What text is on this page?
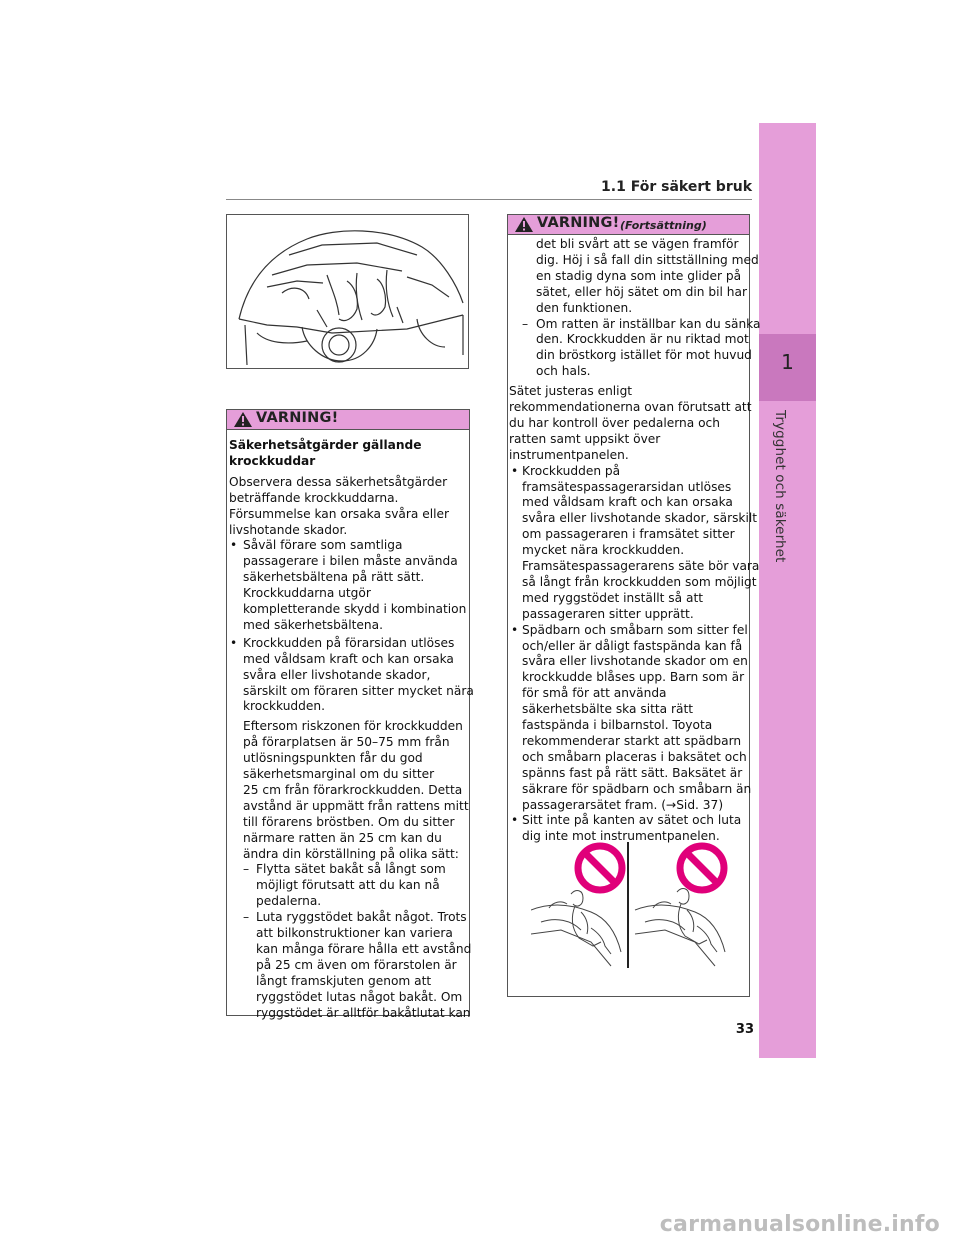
1
Trygghet och säkerhet
1.1 För säkert bruk
VARNING!
VARNING! (Fortsättning)
Säkerhetsåtgärder gällande
krockkuddar
Observera dessa säkerhetsåtgärder
beträffande krockkuddarna.
Försummelse kan orsaka svåra eller
livshotande skador.
• Såväl förare som samtliga
passagerare i bilen måste använda
säkerhetsbältena på rätt sätt.
Krockkuddarna utgör
kompletterande skydd i kombination
med säkerhetsbältena.
• Krockkudden på förarsidan utlöses
med våldsam kraft och kan orsaka
svåra eller livshotande skador,
särskilt om föraren sitter mycket nära
krockkudden.
Eftersom riskzonen för krockkudden
på förarplatsen är 50–75 mm från
utlösningspunkten får du god
säkerhetsmarginal om du sitter
25 cm från förarkrockkudden. Detta
avstånd är uppmätt från rattens mitt
till förarens bröstben. Om du sitter
närmare ratten än 25 cm kan du
ändra din körställning på olika sätt:
– Flytta sätet bakåt så långt som
möjligt förutsatt att du kan nå
pedalerna.
– Luta ryggstödet bakåt något. Trots
att bilkonstruktioner kan variera
kan många förare hålla ett avstånd
på 25 cm även om förarstolen är
långt framskjuten genom att
ryggstödet lutas något bakåt. Om
ryggstödet är alltför bakåtlutat kan
det bli svårt att se vägen framför
dig. Höj i så fall din sittställning med
en stadig dyna som inte glider på
sätet, eller höj sätet om din bil har
den funktionen.
– Om ratten är inställbar kan du sänka
den. Krockkudden är nu riktad mot
din bröstkorg istället för mot huvud
och hals.
Sätet justeras enligt
rekommendationerna ovan förutsatt att
du har kontroll över pedalerna och
ratten samt uppsikt över
instrumentpanelen.
• Krockkudden på
framsätespassagerarsidan utlöses
med våldsam kraft och kan orsaka
svåra eller livshotande skador, särskilt
om passageraren i framsätet sitter
mycket nära krockkudden.
Framsätespassagerarens säte bör vara
så långt från krockkudden som möjligt
med ryggstödet inställt så att
passageraren sitter upprätt.
• Spädbarn och småbarn som sitter fel
och/eller är dåligt fastspända kan få
svåra eller livshotande skador om en
krockkudde blåses upp. Barn som är
för små för att använda
säkerhetsbälte ska sitta rätt
fastspända i bilbarnstol. Toyota
rekommenderar starkt att spädbarn
och småbarn placeras i baksätet och
spänns fast på rätt sätt. Baksätet är
säkrare för spädbarn och småbarn än
passagerarsätet fram. (→Sid. 37)
• Sitt inte på kanten av sätet och luta
dig inte mot instrumentpanelen.
33
carmanualsonline.info
